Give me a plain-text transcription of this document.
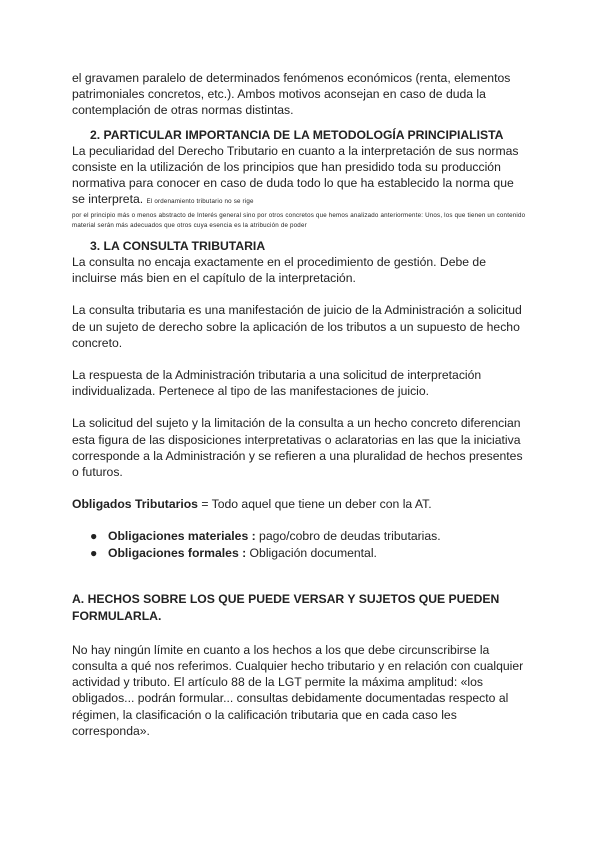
el gravamen paralelo de determinados fenómenos económicos (renta, elementos patrimoniales concretos, etc.). Ambos motivos aconsejan en caso de duda la contemplación de otras normas distintas.

2. PARTICULAR IMPORTANCIA DE LA METODOLOGÍA PRINCIPIALISTA

La peculiaridad del Derecho Tributario en cuanto a la interpretación de sus normas consiste en la utilización de los principios que han presidido toda su producción normativa para conocer en caso de duda todo lo que ha establecido la norma que se interpreta. El ordenamiento tributario no se rige

por el principio más o menos abstracto de Interés general sino por otros concretos que hemos analizado anteriormente: Unos, los que tienen un contenido material serán más adecuados que otros cuya esencia es la atribución de poder

3. LA CONSULTA TRIBUTARIA

La consulta no encaja exactamente en el procedimiento de gestión. Debe de incluirse más bien en el capítulo de la interpretación.

La consulta tributaria es una manifestación de juicio de la Administración a solicitud de un sujeto de derecho sobre la aplicación de los tributos a un supuesto de hecho concreto.

La respuesta de la Administración tributaria a una solicitud de interpretación individualizada. Pertenece al tipo de las manifestaciones de juicio.

La solicitud del sujeto y la limitación de la consulta a un hecho concreto diferencian esta figura de las disposiciones interpretativas o aclaratorias en las que la iniciativa corresponde a la Administración y se refieren a una pluralidad de hechos presentes o futuros.

Obligados Tributarios = Todo aquel que tiene un deber con la AT.

● Obligaciones materiales : pago/cobro de deudas tributarias.
● Obligaciones formales : Obligación documental.
A. HECHOS SOBRE LOS QUE PUEDE VERSAR Y SUJETOS QUE PUEDEN FORMULARLA.

No hay ningún límite en cuanto a los hechos a los que debe circunscribirse la consulta a qué nos referimos. Cualquier hecho tributario y en relación con cualquier actividad y tributo. El artículo 88 de la LGT permite la máxima amplitud: «los obligados... podrán formular... consultas debidamente documentadas respecto al régimen, la clasificación o la calificación tributaria que en cada caso les corresponda».
